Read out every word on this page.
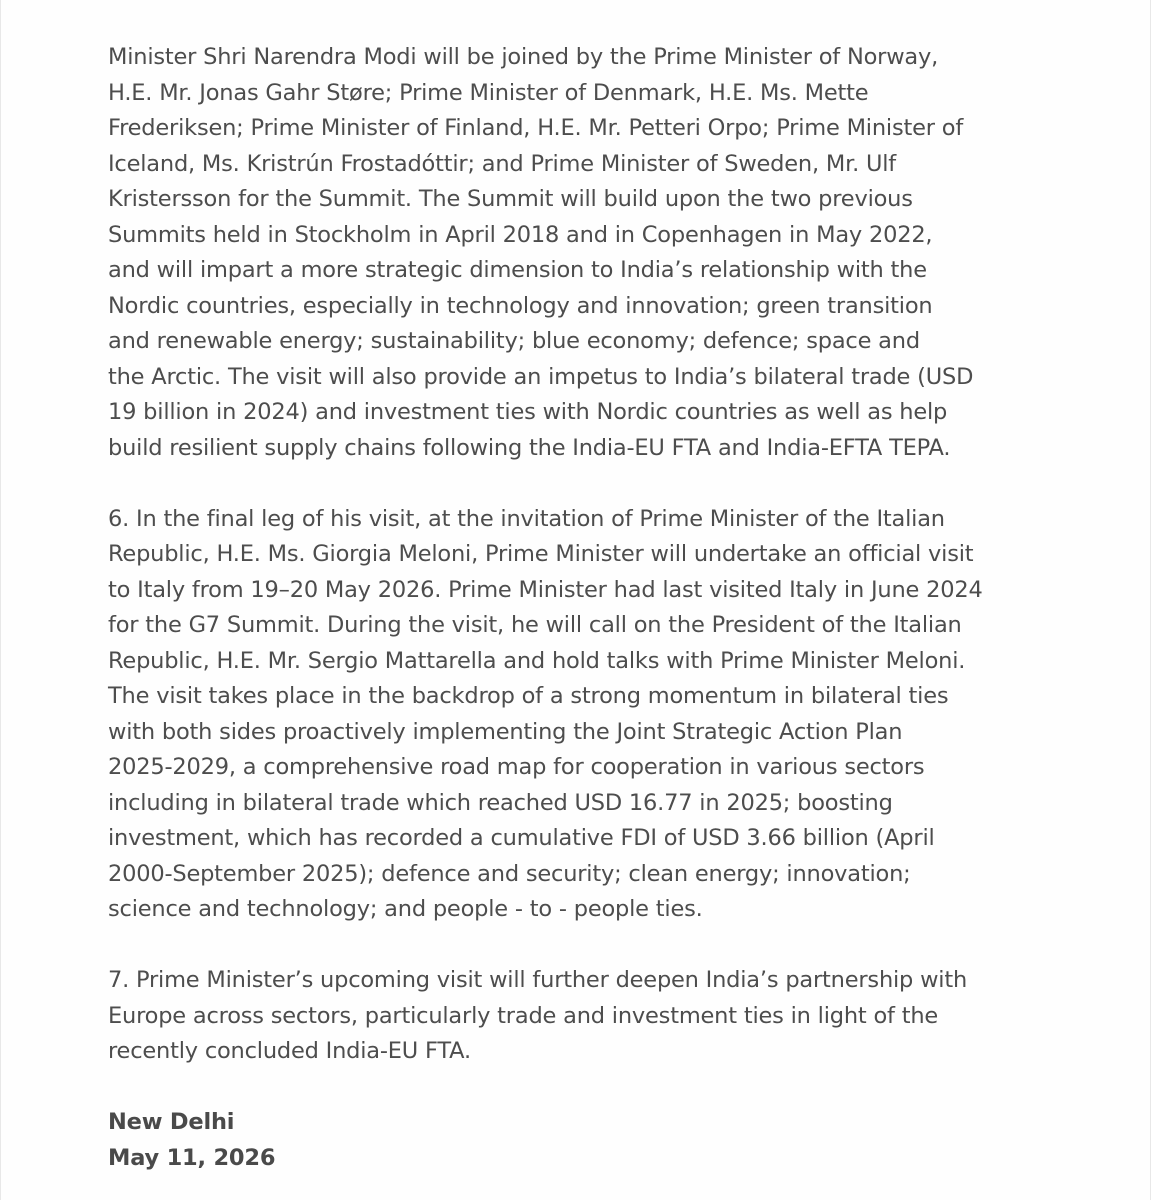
Minister Shri Narendra Modi will be joined by the Prime Minister of Norway,
H.E. Mr. Jonas Gahr Støre; Prime Minister of Denmark, H.E. Ms. Mette
Frederiksen; Prime Minister of Finland, H.E. Mr. Petteri Orpo; Prime Minister of
Iceland, Ms. Kristrún Frostadóttir; and Prime Minister of Sweden, Mr. Ulf
Kristersson for the Summit. The Summit will build upon the two previous
Summits held in Stockholm in April 2018 and in Copenhagen in May 2022,
and will impart a more strategic dimension to India’s relationship with the
Nordic countries, especially in technology and innovation; green transition
and renewable energy; sustainability; blue economy; defence; space and
the Arctic. The visit will also provide an impetus to India’s bilateral trade (USD
19 billion in 2024) and investment ties with Nordic countries as well as help
build resilient supply chains following the India-EU FTA and India-EFTA TEPA.
6. In the final leg of his visit, at the invitation of Prime Minister of the Italian
Republic, H.E. Ms. Giorgia Meloni, Prime Minister will undertake an official visit
to Italy from 19–20 May 2026. Prime Minister had last visited Italy in June 2024
for the G7 Summit. During the visit, he will call on the President of the Italian
Republic, H.E. Mr. Sergio Mattarella and hold talks with Prime Minister Meloni.
The visit takes place in the backdrop of a strong momentum in bilateral ties
with both sides proactively implementing the Joint Strategic Action Plan
2025-2029, a comprehensive road map for cooperation in various sectors
including in bilateral trade which reached USD 16.77 in 2025; boosting
investment, which has recorded a cumulative FDI of USD 3.66 billion (April
2000-September 2025); defence and security; clean energy; innovation;
science and technology; and people - to - people ties.
7. Prime Minister’s upcoming visit will further deepen India’s partnership with
Europe across sectors, particularly trade and investment ties in light of the
recently concluded India-EU FTA.
New Delhi
May 11, 2026
